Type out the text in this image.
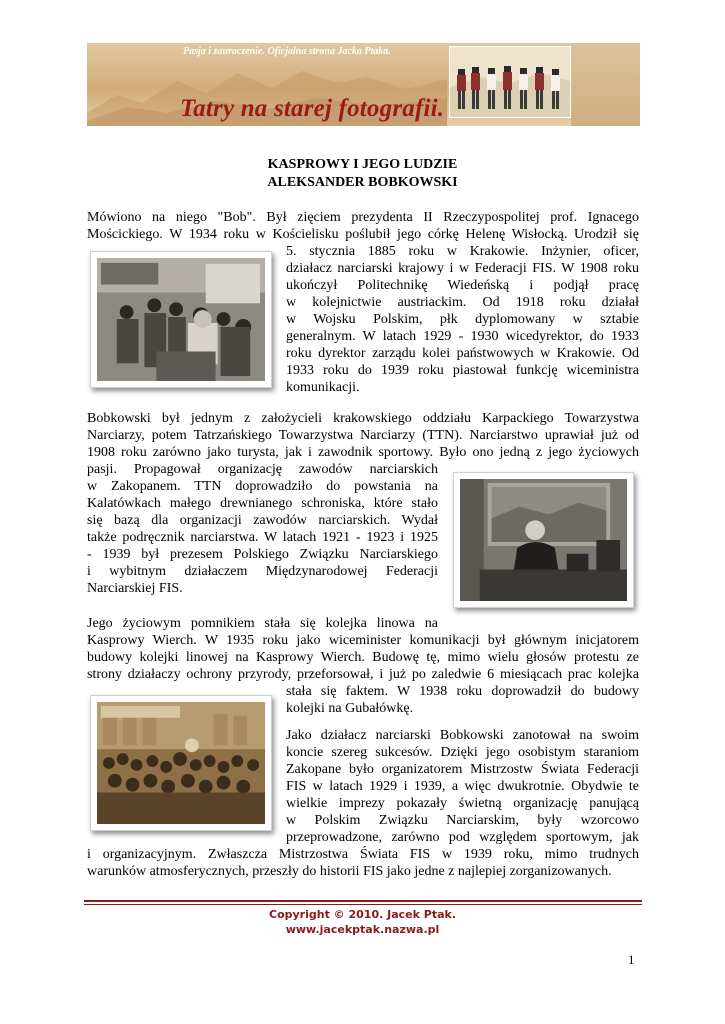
Pasja i zauroczenie. Oficjalna strona Jacka Ptaka.
Tatry na starej fotografii.
KASPROWY I JEGO LUDZIE
ALEKSANDER BOBKOWSKI

Mówiono na niego "Bob". Był zięciem prezydenta II Rzeczypospolitej prof. Ignacego
Mościckiego. W 1934 roku w Kościelisku poślubił jego córkę Helenę Wisłocką. Urodził się

5. stycznia 1885 roku w Krakowie. Inżynier, oficer,
działacz narciarski krajowy i w Federacji FIS. W 1908 roku
ukończył Politechnikę Wiedeńską i podjął pracę
w kolejnictwie austriackim. Od 1918 roku działał
w Wojsku Polskim, płk dyplomowany w sztabie
generalnym. W latach 1929 - 1930 wicedyrektor, do 1933
roku dyrektor zarządu kolei państwowych w Krakowie. Od
1933 roku do 1939 roku piastował funkcję wiceministra
komunikacji.

Bobkowski był jednym z założycieli krakowskiego oddziału Karpackiego Towarzystwa
Narciarzy, potem Tatrzańskiego Towarzystwa Narciarzy (TTN). Narciarstwo uprawiał już od
1908 roku zarówno jako turysta, jak i zawodnik sportowy. Było ono jedną z jego życiowych

pasji. Propagował organizację zawodów narciarskich
w Zakopanem. TTN doprowadziło do powstania na
Kalatówkach małego drewnianego schroniska, które stało
się bazą dla organizacji zawodów narciarskich. Wydał
także podręcznik narciarstwa. W latach 1921 - 1923 i 1925
- 1939 był prezesem Polskiego Związku Narciarskiego
i wybitnym działaczem Międzynarodowej Federacji
Narciarskiej FIS.

Jego życiowym pomnikiem stała się kolejka linowa na

Kasprowy Wierch. W 1935 roku jako wiceminister komunikacji był głównym inicjatorem
budowy kolejki linowej na Kasprowy Wierch. Budowę tę, mimo wielu głosów protestu ze
strony działaczy ochrony przyrody, przeforsował, i już po zaledwie 6 miesiącach prac kolejka

stała się faktem. W 1938 roku doprowadził do budowy
kolejki na Gubałówkę.

Jako działacz narciarski Bobkowski zanotował na swoim
koncie szereg sukcesów. Dzięki jego osobistym staraniom
Zakopane było organizatorem Mistrzostw Świata Federacji
FIS w latach 1929 i 1939, a więc dwukrotnie. Obydwie te
wielkie imprezy pokazały świetną organizację panującą
w Polskim Związku Narciarskim, były wzorcowo
przeprowadzone, zarówno pod względem sportowym, jak

i organizacyjnym. Zwłaszcza Mistrzostwa Świata FIS w 1939 roku, mimo trudnych
warunków atmosferycznych, przeszły do historii FIS jako jedne z najlepiej zorganizowanych.

Copyright © 2010. Jacek Ptak.
www.jacekptak.nazwa.pl
1
